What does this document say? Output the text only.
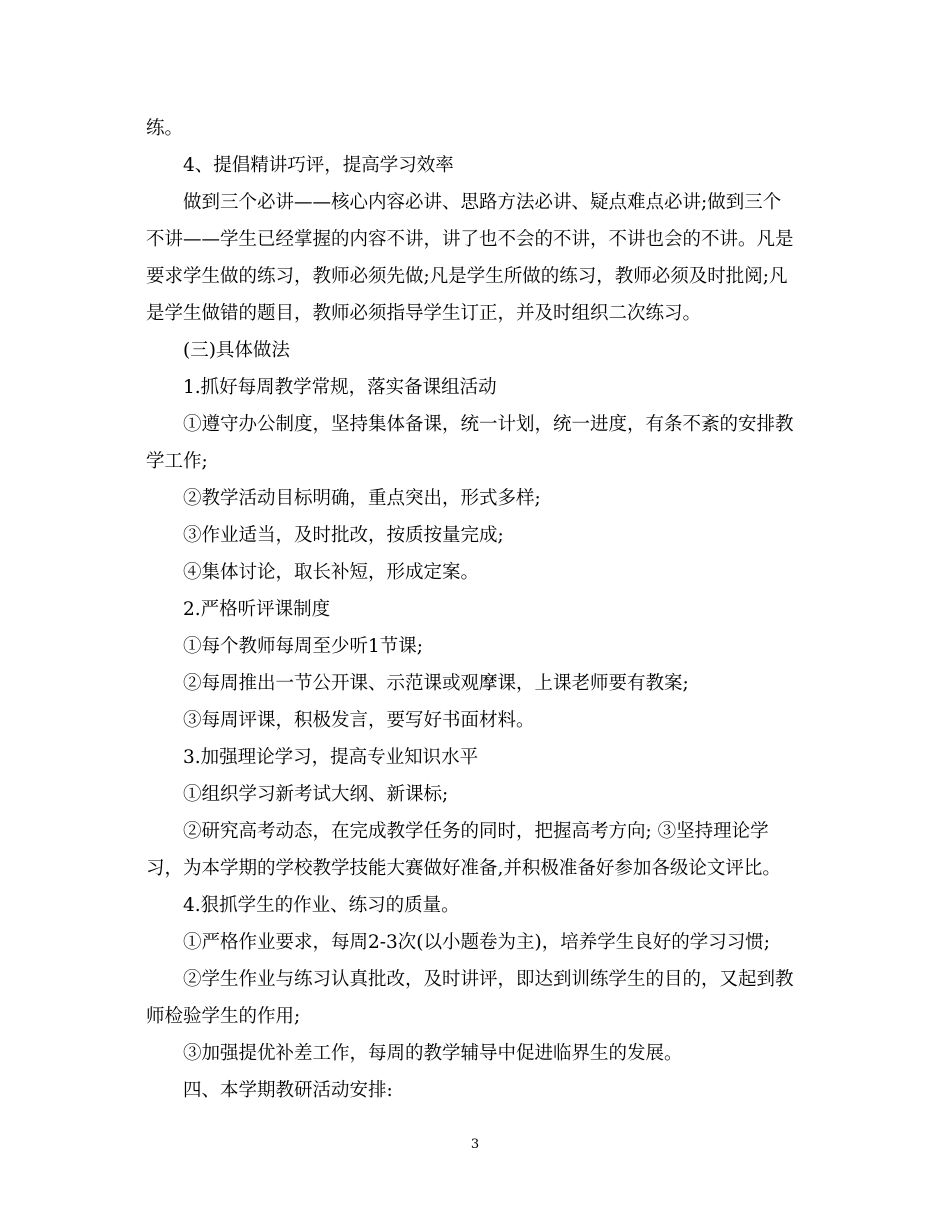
练。
4、提倡精讲巧评，提高学习效率
做到三个必讲——核心内容必讲、思路方法必讲、疑点难点必讲;做到三个
不讲——学生已经掌握的内容不讲，讲了也不会的不讲，不讲也会的不讲。凡是
要求学生做的练习，教师必须先做;凡是学生所做的练习，教师必须及时批阅;凡
是学生做错的题目，教师必须指导学生订正，并及时组织二次练习。
(三)具体做法
1.抓好每周教学常规，落实备课组活动
①遵守办公制度，坚持集体备课，统一计划，统一进度，有条不紊的安排教
学工作;
②教学活动目标明确，重点突出，形式多样;
③作业适当，及时批改，按质按量完成;
④集体讨论，取长补短，形成定案。
2.严格听评课制度
①每个教师每周至少听1节课;
②每周推出一节公开课、示范课或观摩课，上课老师要有教案;
③每周评课，积极发言，要写好书面材料。
3.加强理论学习，提高专业知识水平
①组织学习新考试大纲、新课标;
②研究高考动态，在完成教学任务的同时，把握高考方向; ③坚持理论学
习，为本学期的学校教学技能大赛做好准备,并积极准备好参加各级论文评比。
4.狠抓学生的作业、练习的质量。
①严格作业要求，每周2-3次(以小题卷为主)，培养学生良好的学习习惯;
②学生作业与练习认真批改，及时讲评，即达到训练学生的目的，又起到教
师检验学生的作用;
③加强提优补差工作，每周的教学辅导中促进临界生的发展。
四、本学期教研活动安排:
3
